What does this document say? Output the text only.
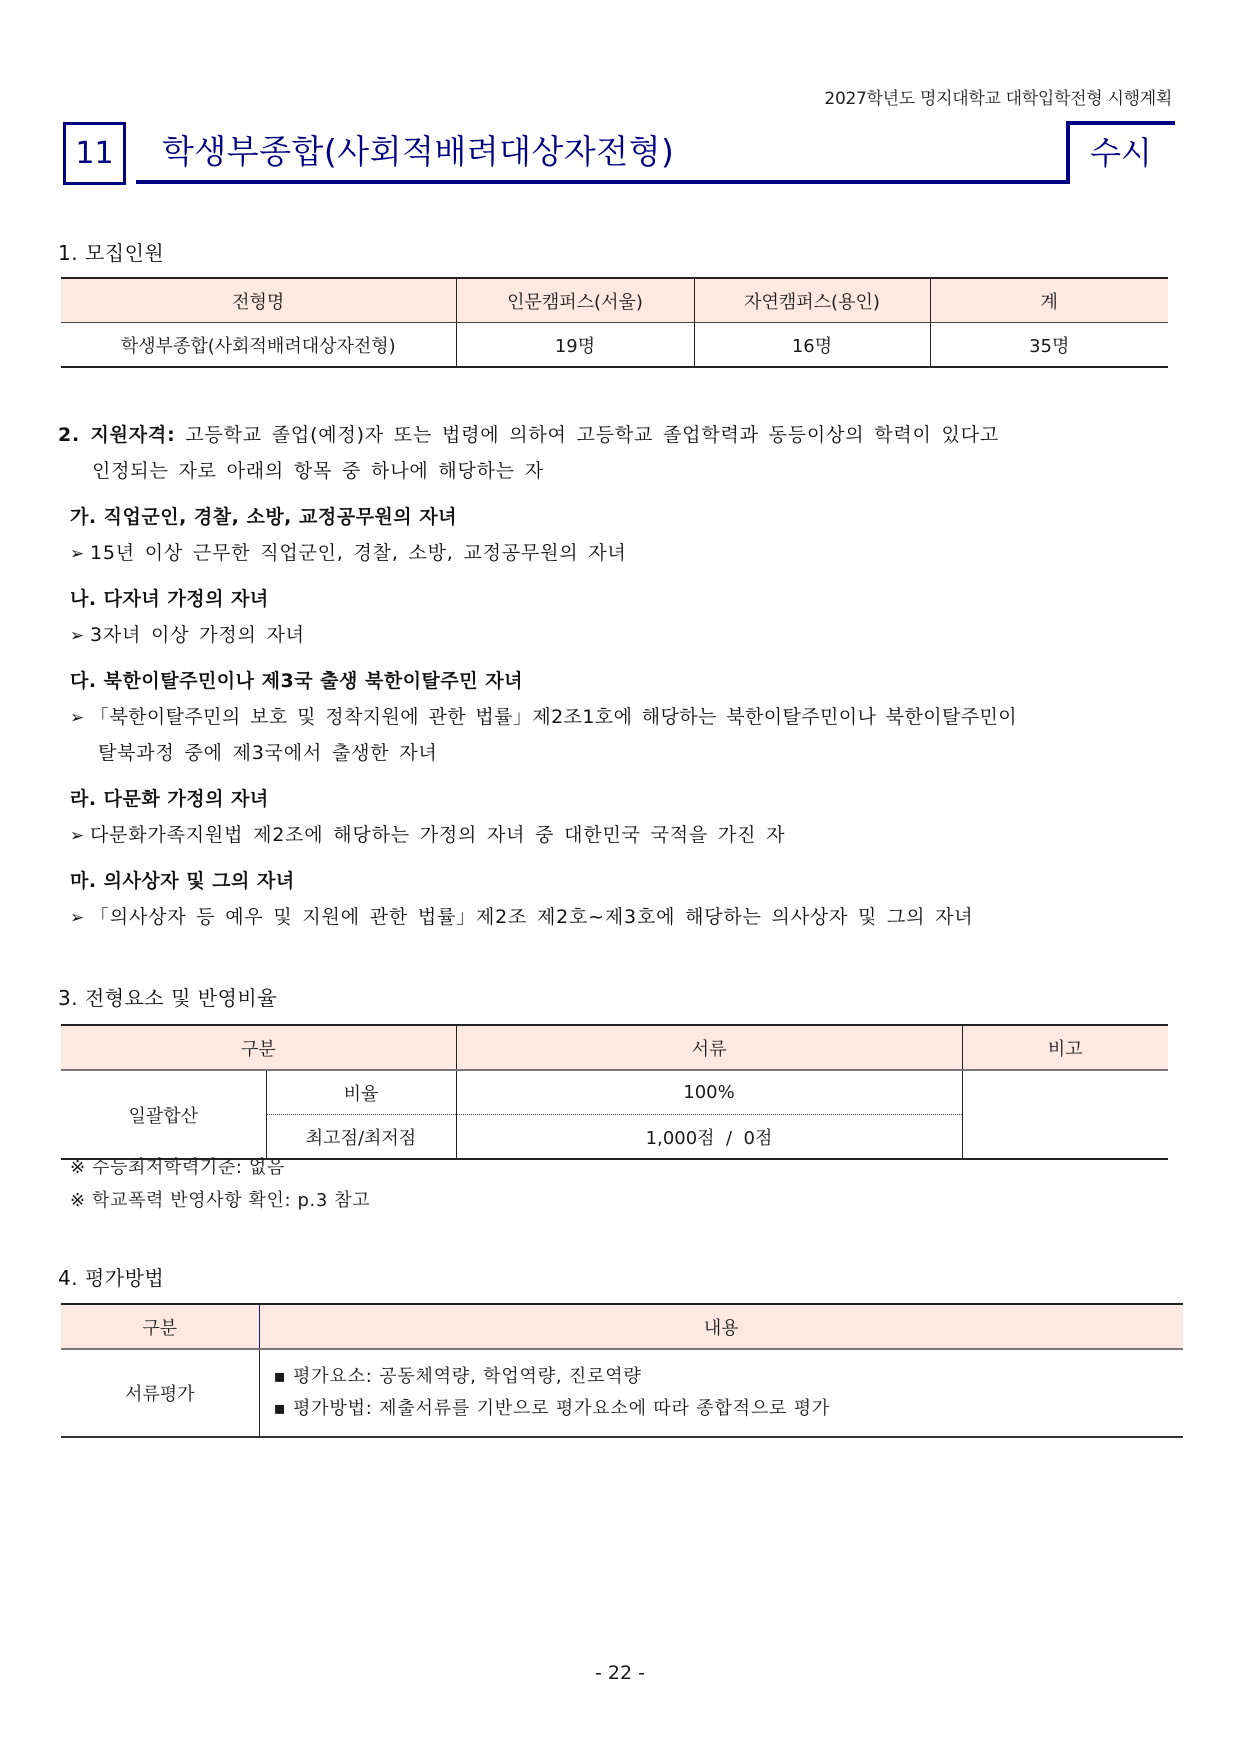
2027학년도 명지대학교 대학입학전형 시행계획
11	학생부종합(사회적배려대상자전형)	수시
1. 모집인원
전형명	인문캠퍼스(서울)	자연캠퍼스(용인)	계
학생부종합(사회적배려대상자전형)	19명	16명	35명
2. 지원자격: 고등학교 졸업(예정)자 또는 법령에 의하여 고등학교 졸업학력과 동등이상의 학력이 있다고
인정되는 자로 아래의 항목 중 하나에 해당하는 자
가. 직업군인, 경찰, 소방, 교정공무원의 자녀
➢ 15년 이상 근무한 직업군인, 경찰, 소방, 교정공무원의 자녀
나. 다자녀 가정의 자녀
➢ 3자녀 이상 가정의 자녀
다. 북한이탈주민이나 제3국 출생 북한이탈주민 자녀
➢ 「북한이탈주민의 보호 및 정착지원에 관한 법률」제2조1호에 해당하는 북한이탈주민이나 북한이탈주민이
탈북과정 중에 제3국에서 출생한 자녀
라. 다문화 가정의 자녀
➢ 다문화가족지원법 제2조에 해당하는 가정의 자녀 중 대한민국 국적을 가진 자
마. 의사상자 및 그의 자녀
➢ 「의사상자 등 예우 및 지원에 관한 법률」제2조 제2호~제3호에 해당하는 의사상자 및 그의 자녀
3. 전형요소 및 반영비율
구분		서류	비고
일괄합산	비율	100%	
	최고점/최저점	1,000점  /  0점	
※ 수능최저학력기준: 없음
※ 학교폭력 반영사항 확인: p.3 참고
4. 평가방법
구분	내용
서류평가	▪ 평가요소: 공동체역량, 학업역량, 진로역량
▪ 평가방법: 제출서류를 기반으로 평가요소에 따라 종합적으로 평가
- 22 -
